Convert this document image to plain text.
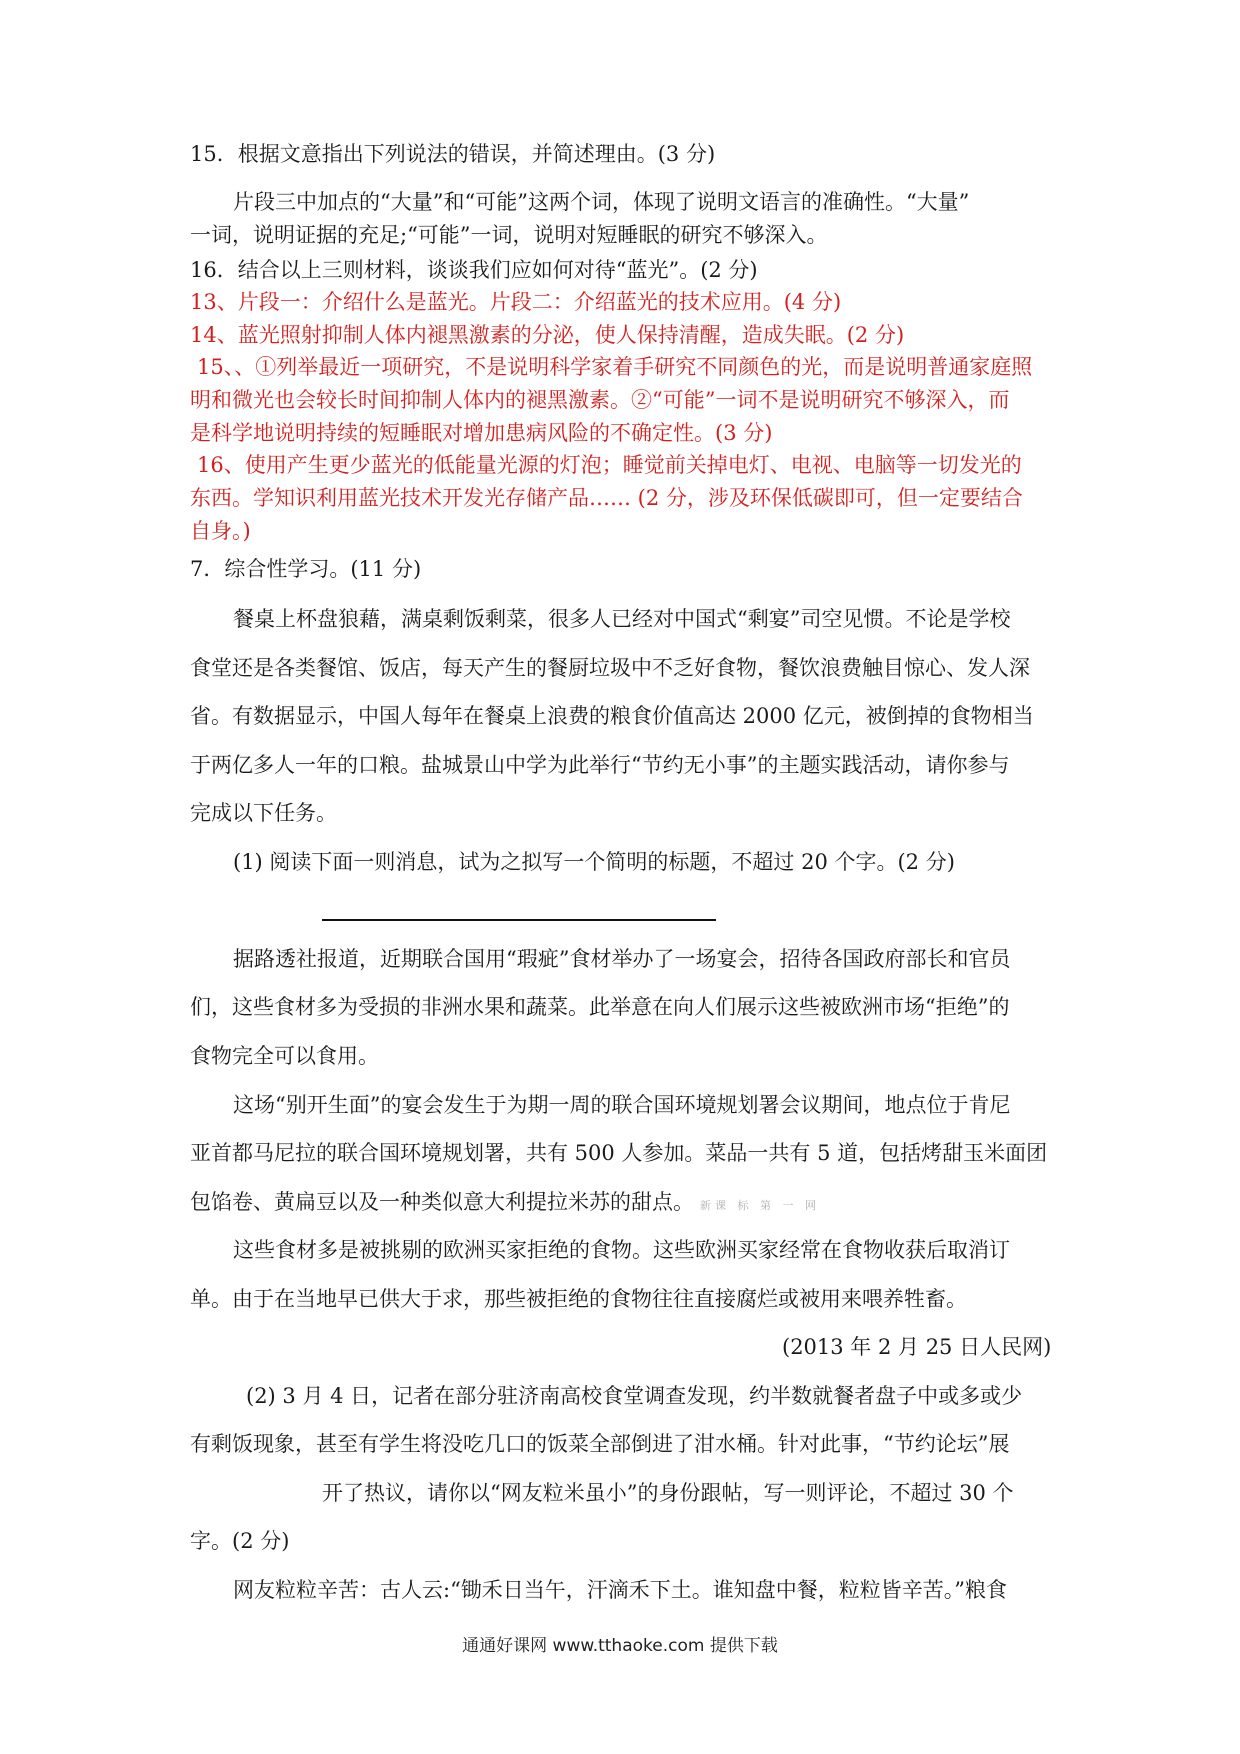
15．根据文意指出下列说法的错误，并简述理由。(3 分)
片段三中加点的“大量”和“可能”这两个词，体现了说明文语言的准确性。“大量”
一词，说明证据的充足;“可能”一词，说明对短睡眠的研究不够深入。
16．结合以上三则材料，谈谈我们应如何对待“蓝光”。(2 分)
13、片段一：介绍什么是蓝光。片段二：介绍蓝光的技术应用。(4 分)
14、蓝光照射抑制人体内褪黑激素的分泌，使人保持清醒，造成失眠。(2 分)
15、、①列举最近一项研究，不是说明科学家着手研究不同颜色的光，而是说明普通家庭照
明和微光也会较长时间抑制人体内的褪黑激素。②“可能”一词不是说明研究不够深入，而
是科学地说明持续的短睡眠对增加患病风险的不确定性。(3 分)
16、使用产生更少蓝光的低能量光源的灯泡；睡觉前关掉电灯、电视、电脑等一切发光的
东西。学知识利用蓝光技术开发光存储产品…… (2 分，涉及环保低碳即可，但一定要结合
自身。)
7．综合性学习。(11 分)
餐桌上杯盘狼藉，满桌剩饭剩菜，很多人已经对中国式“剩宴”司空见惯。不论是学校
食堂还是各类餐馆、饭店，每天产生的餐厨垃圾中不乏好食物，餐饮浪费触目惊心、发人深
省。有数据显示，中国人每年在餐桌上浪费的粮食价值高达 2000 亿元，被倒掉的食物相当
于两亿多人一年的口粮。盐城景山中学为此举行“节约无小事”的主题实践活动，请你参与
完成以下任务。
(1) 阅读下面一则消息，试为之拟写一个简明的标题，不超过 20 个字。(2 分)
据路透社报道，近期联合国用“瑕疵”食材举办了一场宴会，招待各国政府部长和官员
们，这些食材多为受损的非洲水果和蔬菜。此举意在向人们展示这些被欧洲市场“拒绝”的
食物完全可以食用。
这场“别开生面”的宴会发生于为期一周的联合国环境规划署会议期间，地点位于肯尼
亚首都马尼拉的联合国环境规划署，共有 500 人参加。菜品一共有 5 道，包括烤甜玉米面团
包馅卷、黄扁豆以及一种类似意大利提拉米苏的甜点。 新课 标 第 一 网
这些食材多是被挑剔的欧洲买家拒绝的食物。这些欧洲买家经常在食物收获后取消订
单。由于在当地早已供大于求，那些被拒绝的食物往往直接腐烂或被用来喂养牲畜。
(2013 年 2 月 25 日人民网)
(2) 3 月 4 日，记者在部分驻济南高校食堂调查发现，约半数就餐者盘子中或多或少
有剩饭现象，甚至有学生将没吃几口的饭菜全部倒进了泔水桶。针对此事，“节约论坛”展
开了热议，请你以“网友粒米虽小”的身份跟帖，写一则评论，不超过 30 个
字。(2 分)
网友粒粒辛苦：古人云:“锄禾日当午，汗滴禾下土。谁知盘中餐，粒粒皆辛苦。”粮食
通通好课网 www.tthaoke.com 提供下载
